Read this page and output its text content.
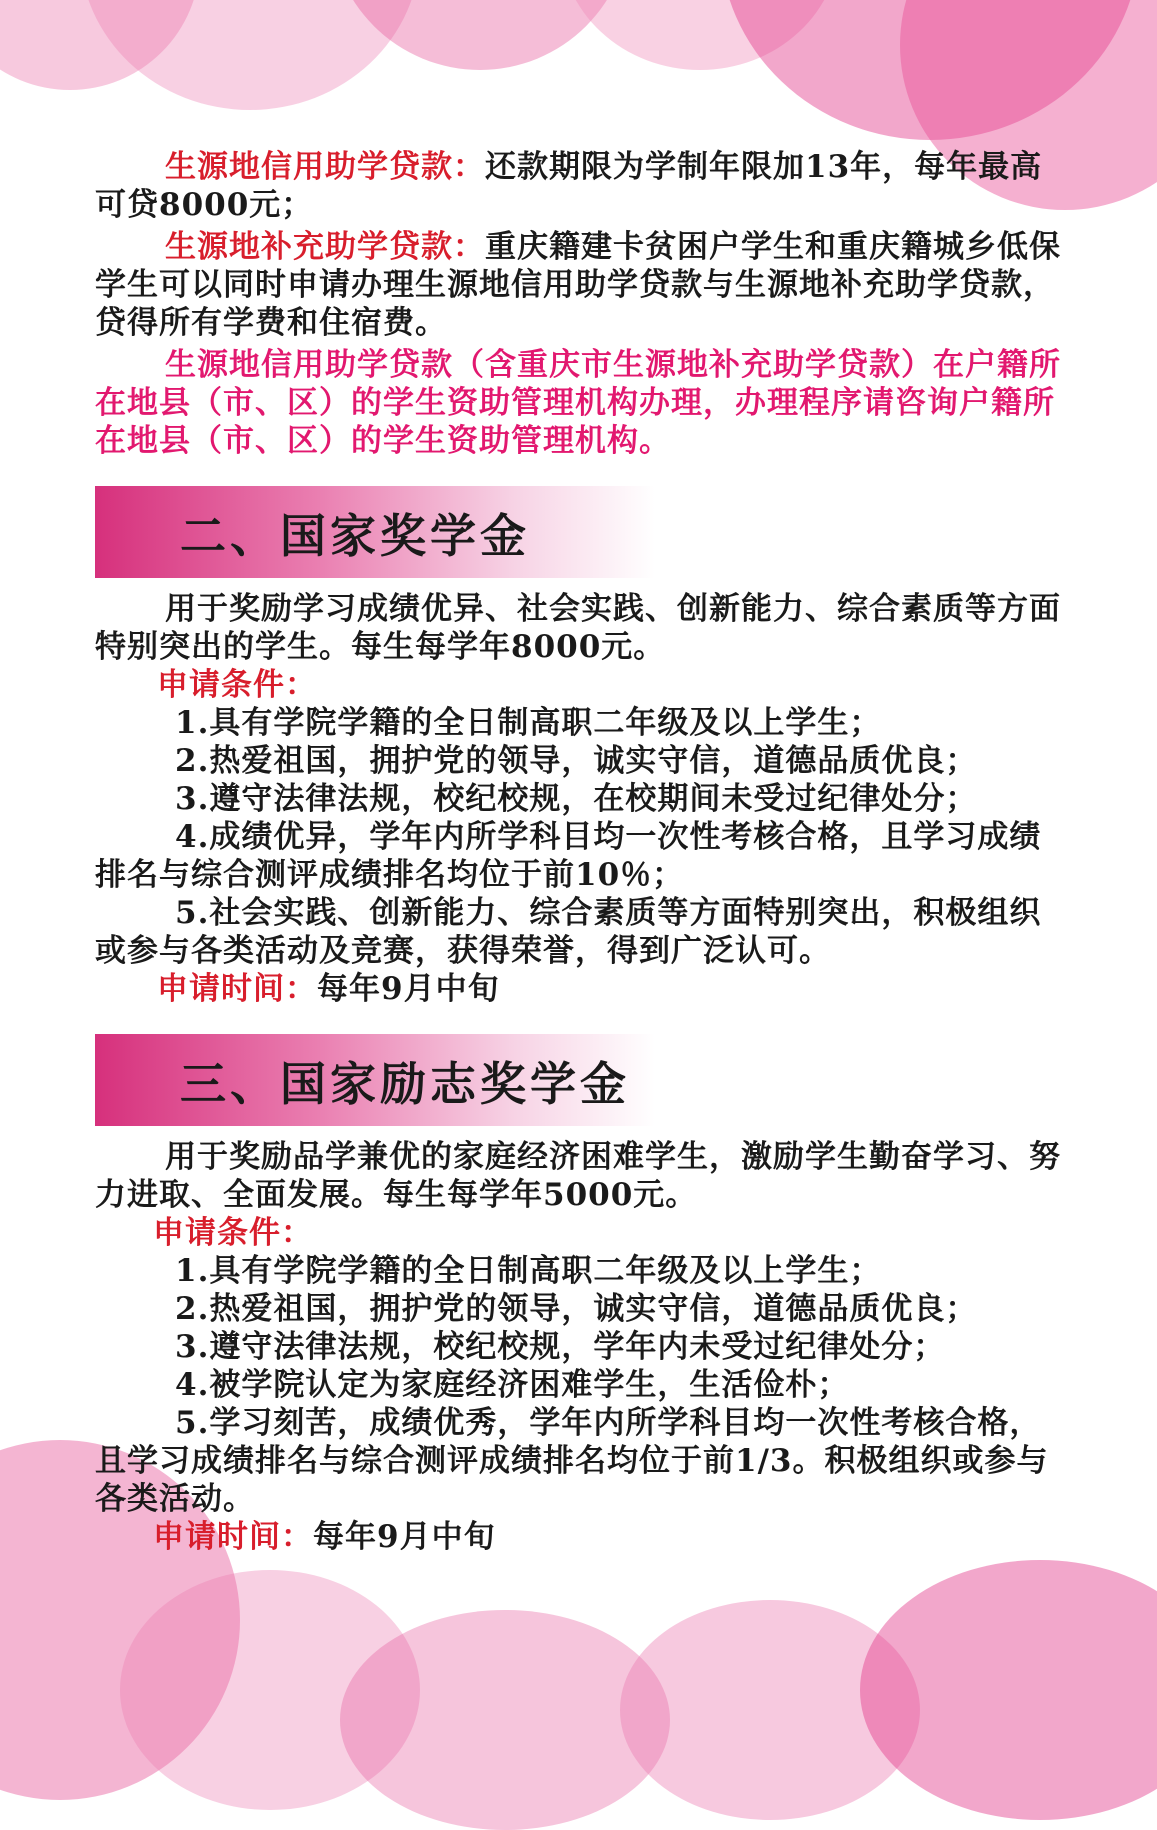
生源地信用助学贷款：还款期限为学制年限加13年，每年最高可贷8000元；

生源地补充助学贷款：重庆籍建卡贫困户学生和重庆籍城乡低保学生可以同时申请办理生源地信用助学贷款与生源地补充助学贷款，贷得所有学费和住宿费。

生源地信用助学贷款（含重庆市生源地补充助学贷款）在户籍所在地县（市、区）的学生资助管理机构办理，办理程序请咨询户籍所在地县（市、区）的学生资助管理机构。

二、国家奖学金

用于奖励学习成绩优异、社会实践、创新能力、综合素质等方面特别突出的学生。每生每学年8000元。

申请条件：

1.具有学院学籍的全日制高职二年级及以上学生；

2.热爱祖国，拥护党的领导，诚实守信，道德品质优良；

3.遵守法律法规，校纪校规，在校期间未受过纪律处分；

4.成绩优异，学年内所学科目均一次性考核合格，且学习成绩排名与综合测评成绩排名均位于前10％；

5.社会实践、创新能力、综合素质等方面特别突出，积极组织或参与各类活动及竞赛，获得荣誉，得到广泛认可。

申请时间：每年9月中旬

三、国家励志奖学金

用于奖励品学兼优的家庭经济困难学生，激励学生勤奋学习、努力进取、全面发展。每生每学年5000元。

申请条件：

1.具有学院学籍的全日制高职二年级及以上学生；

2.热爱祖国，拥护党的领导，诚实守信，道德品质优良；

3.遵守法律法规，校纪校规，学年内未受过纪律处分；

4.被学院认定为家庭经济困难学生，生活俭朴；

5.学习刻苦，成绩优秀，学年内所学科目均一次性考核合格，且学习成绩排名与综合测评成绩排名均位于前1/3。积极组织或参与各类活动。

申请时间：每年9月中旬
